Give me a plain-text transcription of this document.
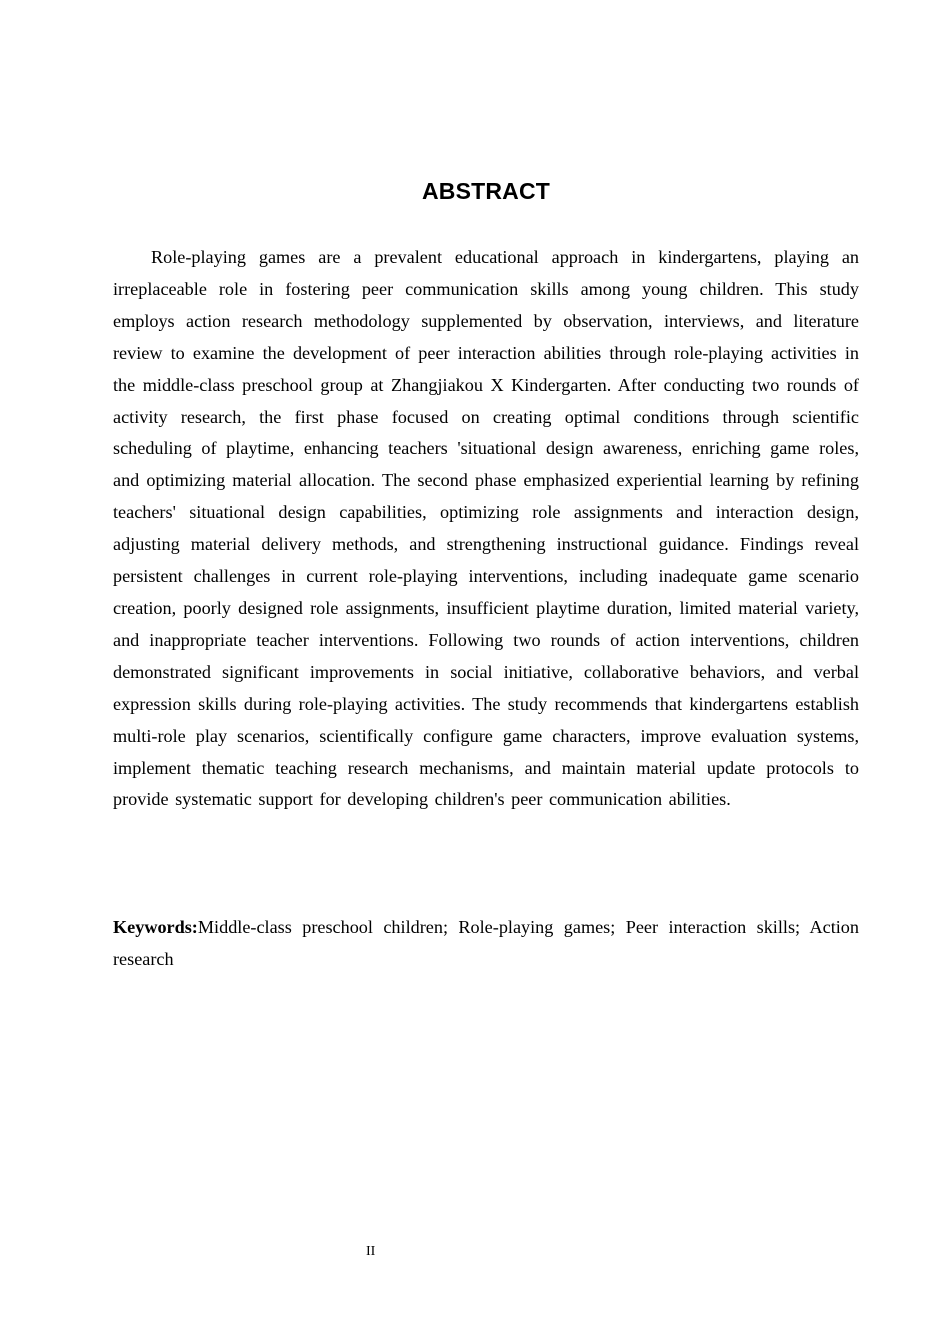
ABSTRACT

Role-playing games are a prevalent educational approach in kindergartens, playing an irreplaceable role in fostering peer communication skills among young children. This study employs action research methodology supplemented by observation, interviews, and literature review to examine the development of peer interaction abilities through role-playing activities in the middle-class preschool group at Zhangjiakou X Kindergarten. After conducting two rounds of activity research, the first phase focused on creating optimal conditions through scientific scheduling of playtime, enhancing teachers 'situational design awareness, enriching game roles, and optimizing material allocation. The second phase emphasized experiential learning by refining teachers' situational design capabilities, optimizing role assignments and interaction design, adjusting material delivery methods, and strengthening instructional guidance. Findings reveal persistent challenges in current role-playing interventions, including inadequate game scenario creation, poorly designed role assignments, insufficient playtime duration, limited material variety, and inappropriate teacher interventions. Following two rounds of action interventions, children demonstrated significant improvements in social initiative, collaborative behaviors, and verbal expression skills during role-playing activities. The study recommends that kindergartens establish multi-role play scenarios, scientifically configure game characters, improve evaluation systems, implement thematic teaching research mechanisms, and maintain material update protocols to provide systematic support for developing children's peer communication abilities.

Keywords:Middle-class preschool children; Role-playing games; Peer interaction skills; Action research

II
